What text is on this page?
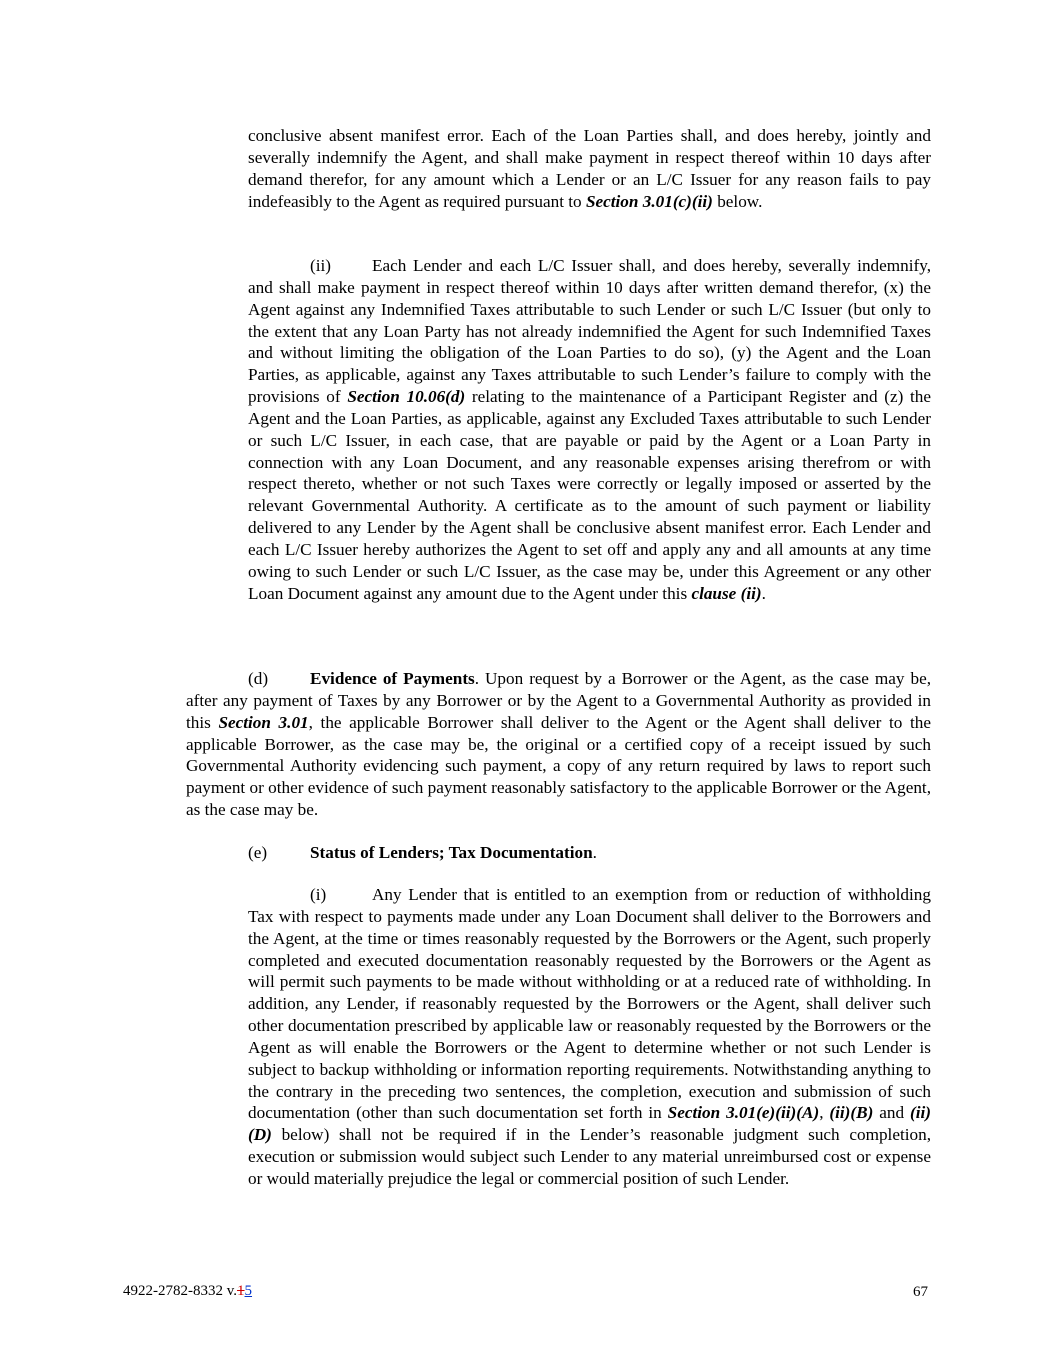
conclusive absent manifest error. Each of the Loan Parties shall, and does hereby, jointly and severally indemnify the Agent, and shall make payment in respect thereof within 10 days after demand therefor, for any amount which a Lender or an L/C Issuer for any reason fails to pay indefeasibly to the Agent as required pursuant to Section 3.01(c)(ii) below.

(ii) Each Lender and each L/C Issuer shall, and does hereby, severally indemnify, and shall make payment in respect thereof within 10 days after written demand therefor, (x) the Agent against any Indemnified Taxes attributable to such Lender or such L/C Issuer (but only to the extent that any Loan Party has not already indemnified the Agent for such Indemnified Taxes and without limiting the obligation of the Loan Parties to do so), (y) the Agent and the Loan Parties, as applicable, against any Taxes attributable to such Lender’s failure to comply with the provisions of Section 10.06(d) relating to the maintenance of a Participant Register and (z) the Agent and the Loan Parties, as applicable, against any Excluded Taxes attributable to such Lender or such L/C Issuer, in each case, that are payable or paid by the Agent or a Loan Party in connection with any Loan Document, and any reasonable expenses arising therefrom or with respect thereto, whether or not such Taxes were correctly or legally imposed or asserted by the relevant Governmental Authority. A certificate as to the amount of such payment or liability delivered to any Lender by the Agent shall be conclusive absent manifest error. Each Lender and each L/C Issuer hereby authorizes the Agent to set off and apply any and all amounts at any time owing to such Lender or such L/C Issuer, as the case may be, under this Agreement or any other Loan Document against any amount due to the Agent under this clause (ii).

(d) Evidence of Payments. Upon request by a Borrower or the Agent, as the case may be, after any payment of Taxes by any Borrower or by the Agent to a Governmental Authority as provided in this Section 3.01, the applicable Borrower shall deliver to the Agent or the Agent shall deliver to the applicable Borrower, as the case may be, the original or a certified copy of a receipt issued by such Governmental Authority evidencing such payment, a copy of any return required by laws to report such payment or other evidence of such payment reasonably satisfactory to the applicable Borrower or the Agent, as the case may be.

(e) Status of Lenders; Tax Documentation.

(i)	Any Lender that is entitled to an exemption from or reduction of withholding Tax with respect to payments made under any Loan Document shall deliver to the Borrowers and the Agent, at the time or times reasonably requested by the Borrowers or the Agent, such properly completed and executed documentation reasonably requested by the Borrowers or the Agent as will permit such payments to be made without withholding or at a reduced rate of withholding. In addition, any Lender, if reasonably requested by the Borrowers or the Agent, shall deliver such other documentation prescribed by applicable law or reasonably requested by the Borrowers or the Agent as will enable the Borrowers or the Agent to determine whether or not such Lender is subject to backup withholding or information reporting requirements. Notwithstanding anything to the contrary in the preceding two sentences, the completion, execution and submission of such documentation (other than such documentation set forth in Section 3.01(e)(ii)(A), (ii)(B) and (ii)(D) below) shall not be required if in the Lender’s reasonable judgment such completion, execution or submission would subject such Lender to any material unreimbursed cost or expense or would materially prejudice the legal or commercial position of such Lender.

4922-2782-8332 v.15	67
